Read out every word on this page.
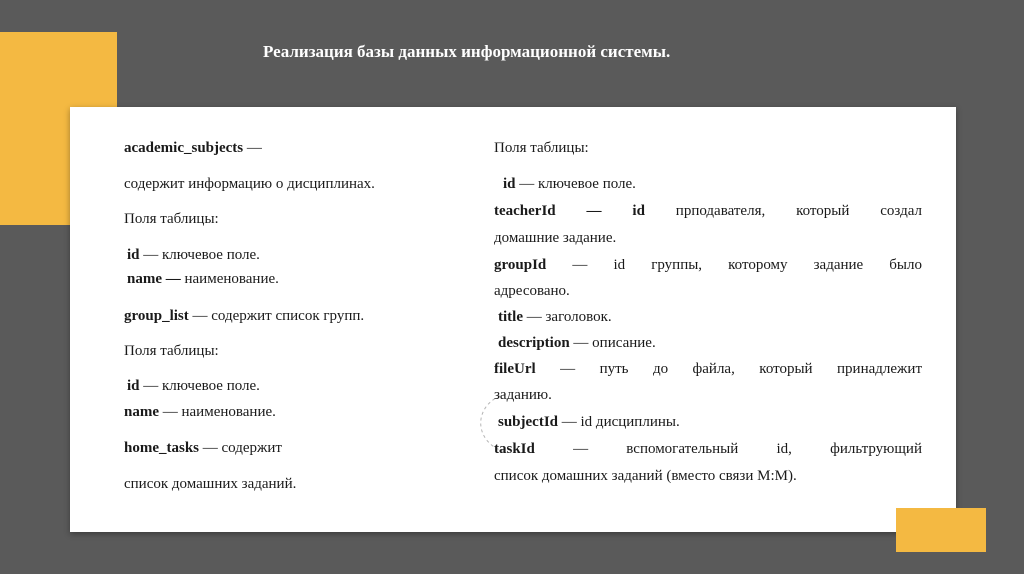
Реализация базы данных информационной системы.
academic_subjects —
содержит информацию о дисциплинах.
Поля таблицы:
id — ключевое поле.
name — наименование.
group_list — содержит список групп.
Поля таблицы:
id — ключевое поле.
name — наименование.
home_tasks — содержит
список домашних заданий.
Поля таблицы:
id — ключевое поле.
teacherId — id прподавателя, который создал
домашние задание.
groupId — id группы, которому задание было
адресовано.
title — заголовок.
description — описание.
fileUrl — путь до файла, который принадлежит
заданию.
subjectId — id дисциплины.
taskId — вспомогательный id, фильтрующий
список домашних заданий (вместо связи M:M).
